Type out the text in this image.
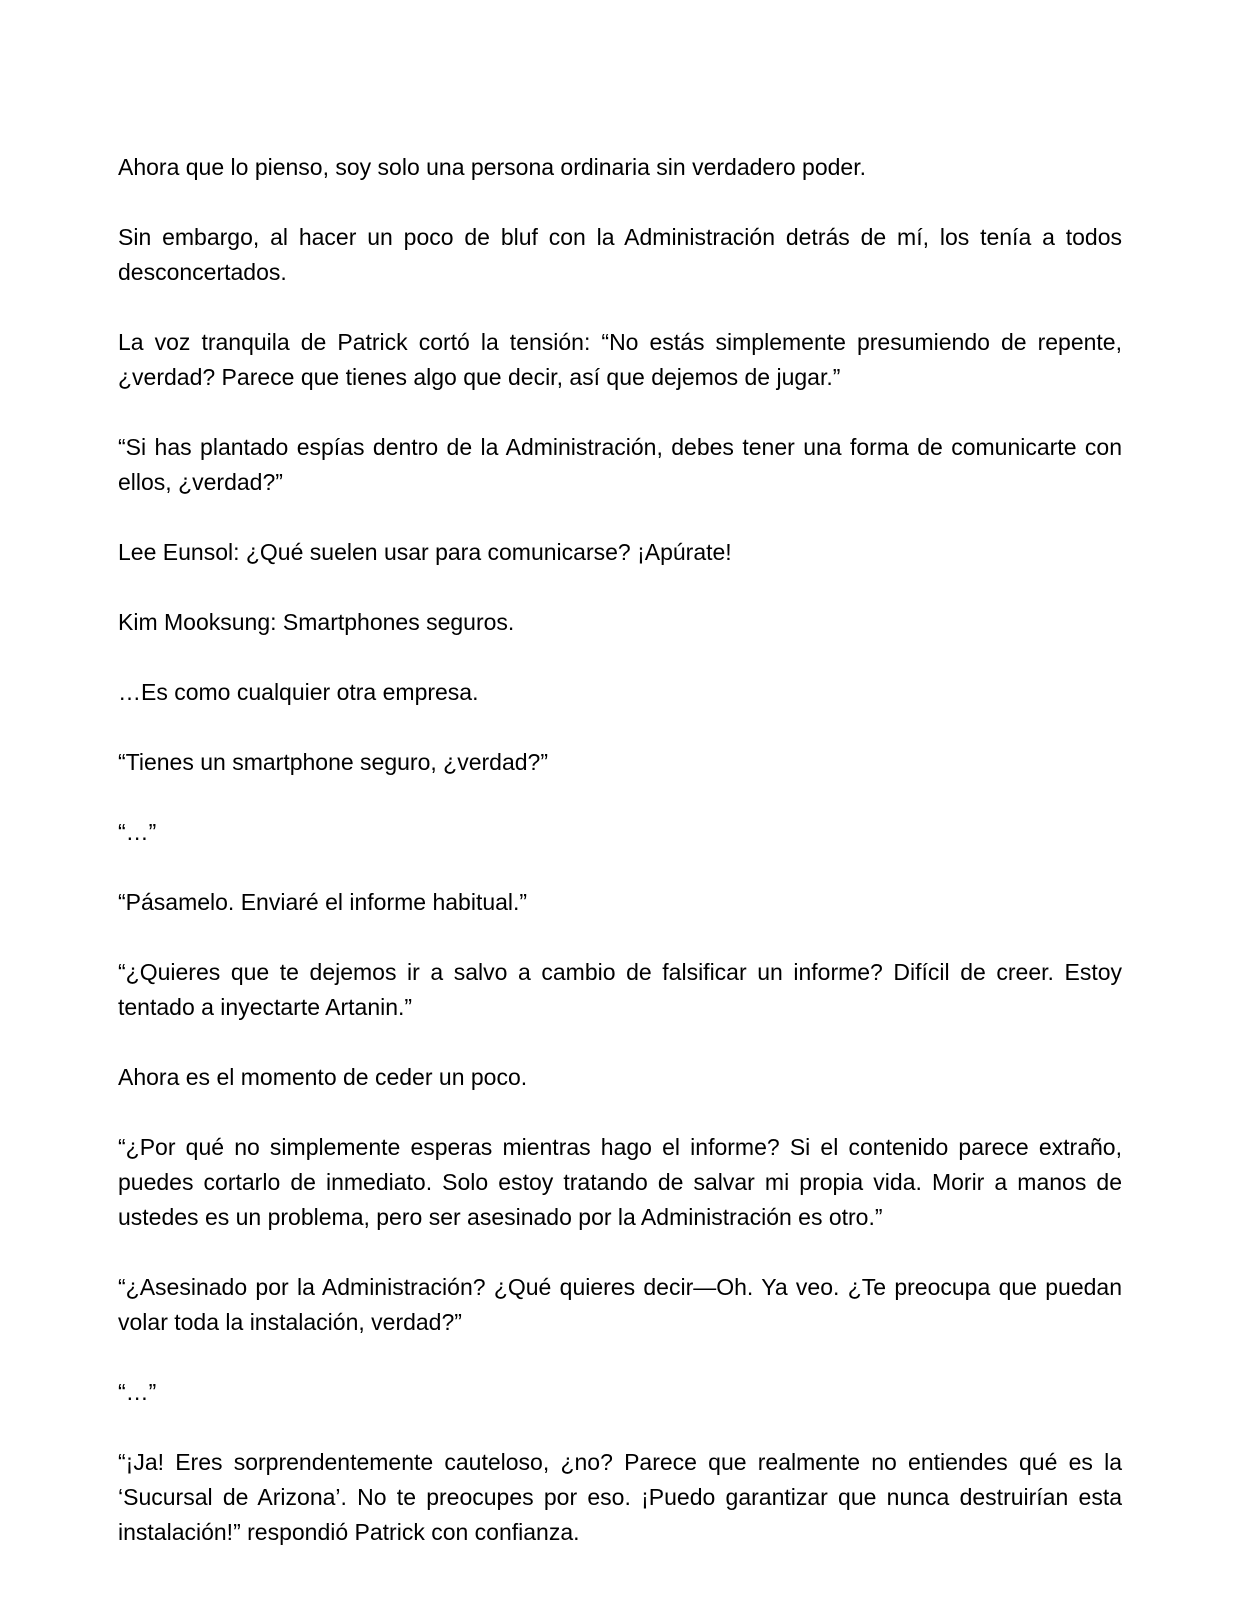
Ahora que lo pienso, soy solo una persona ordinaria sin verdadero poder.

Sin embargo, al hacer un poco de bluf con la Administración detrás de mí, los tenía a todos desconcertados.

La voz tranquila de Patrick cortó la tensión: “No estás simplemente presumiendo de repente, ¿verdad? Parece que tienes algo que decir, así que dejemos de jugar.”

“Si has plantado espías dentro de la Administración, debes tener una forma de comunicarte con ellos, ¿verdad?”

Lee Eunsol: ¿Qué suelen usar para comunicarse? ¡Apúrate!

Kim Mooksung: Smartphones seguros.

…Es como cualquier otra empresa.

“Tienes un smartphone seguro, ¿verdad?”

“…”

“Pásamelo. Enviaré el informe habitual.”

“¿Quieres que te dejemos ir a salvo a cambio de falsificar un informe? Difícil de creer. Estoy tentado a inyectarte Artanin.”

Ahora es el momento de ceder un poco.

“¿Por qué no simplemente esperas mientras hago el informe? Si el contenido parece extraño, puedes cortarlo de inmediato. Solo estoy tratando de salvar mi propia vida. Morir a manos de ustedes es un problema, pero ser asesinado por la Administración es otro.”

“¿Asesinado por la Administración? ¿Qué quieres decir—Oh. Ya veo. ¿Te preocupa que puedan volar toda la instalación, verdad?”

“…”

“¡Ja! Eres sorprendentemente cauteloso, ¿no? Parece que realmente no entiendes qué es la ‘Sucursal de Arizona’. No te preocupes por eso. ¡Puedo garantizar que nunca destruirían esta instalación!” respondió Patrick con confianza.
